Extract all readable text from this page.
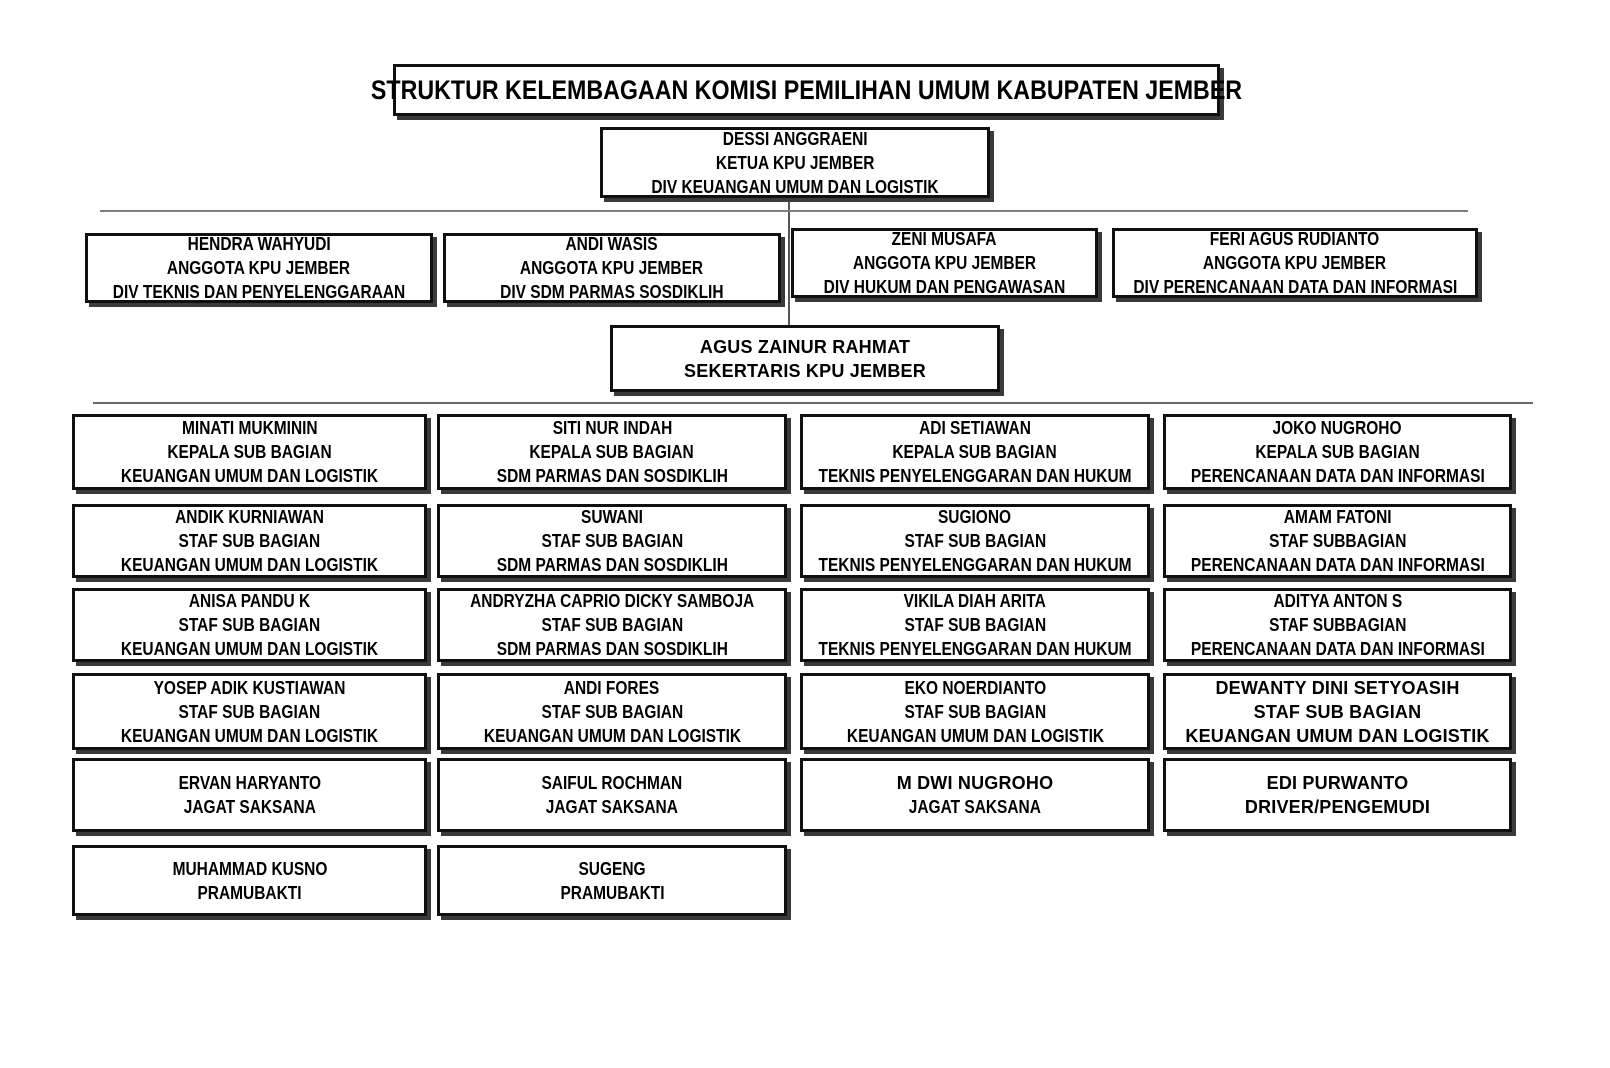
STRUKTUR KELEMBAGAAN KOMISI PEMILIHAN UMUM KABUPATEN JEMBER
DESSI ANGGRAENI
KETUA KPU JEMBER
DIV KEUANGAN UMUM DAN LOGISTIK
HENDRA WAHYUDI
ANGGOTA KPU JEMBER
DIV TEKNIS DAN PENYELENGGARAAN
ANDI WASIS
ANGGOTA KPU JEMBER
DIV SDM PARMAS SOSDIKLIH
ZENI MUSAFA
ANGGOTA KPU JEMBER
DIV HUKUM DAN PENGAWASAN
FERI AGUS RUDIANTO
ANGGOTA KPU JEMBER
DIV PERENCANAAN DATA DAN INFORMASI
AGUS ZAINUR RAHMAT
SEKERTARIS KPU JEMBER
MINATI MUKMININ
KEPALA SUB BAGIAN
KEUANGAN UMUM DAN LOGISTIK
SITI NUR INDAH
KEPALA SUB BAGIAN
SDM PARMAS DAN SOSDIKLIH
ADI SETIAWAN
KEPALA SUB BAGIAN
TEKNIS PENYELENGGARAN DAN HUKUM
JOKO NUGROHO
KEPALA SUB BAGIAN
PERENCANAAN DATA DAN INFORMASI
ANDIK KURNIAWAN
STAF SUB BAGIAN
KEUANGAN UMUM DAN LOGISTIK
SUWANI
STAF SUB BAGIAN
SDM PARMAS DAN SOSDIKLIH
SUGIONO
STAF SUB BAGIAN
TEKNIS PENYELENGGARAN DAN HUKUM
AMAM FATONI
STAF SUBBAGIAN
PERENCANAAN DATA DAN INFORMASI
ANISA PANDU K
STAF SUB BAGIAN
KEUANGAN UMUM DAN LOGISTIK
ANDRYZHA CAPRIO DICKY SAMBOJA
STAF SUB BAGIAN
SDM PARMAS DAN SOSDIKLIH
VIKILA DIAH ARITA
STAF SUB BAGIAN
TEKNIS PENYELENGGARAN DAN HUKUM
ADITYA ANTON S
STAF SUBBAGIAN
PERENCANAAN DATA DAN INFORMASI
YOSEP ADIK KUSTIAWAN
STAF SUB BAGIAN
KEUANGAN UMUM DAN LOGISTIK
ANDI FORES
STAF SUB BAGIAN
KEUANGAN UMUM DAN LOGISTIK
EKO NOERDIANTO
STAF SUB BAGIAN
KEUANGAN UMUM DAN LOGISTIK
DEWANTY DINI SETYOASIH
STAF SUB BAGIAN
KEUANGAN UMUM DAN LOGISTIK
ERVAN HARYANTO
JAGAT SAKSANA
SAIFUL ROCHMAN
JAGAT SAKSANA
M DWI NUGROHO
JAGAT SAKSANA
EDI PURWANTO
DRIVER/PENGEMUDI
MUHAMMAD KUSNO
PRAMUBAKTI
SUGENG
PRAMUBAKTI
